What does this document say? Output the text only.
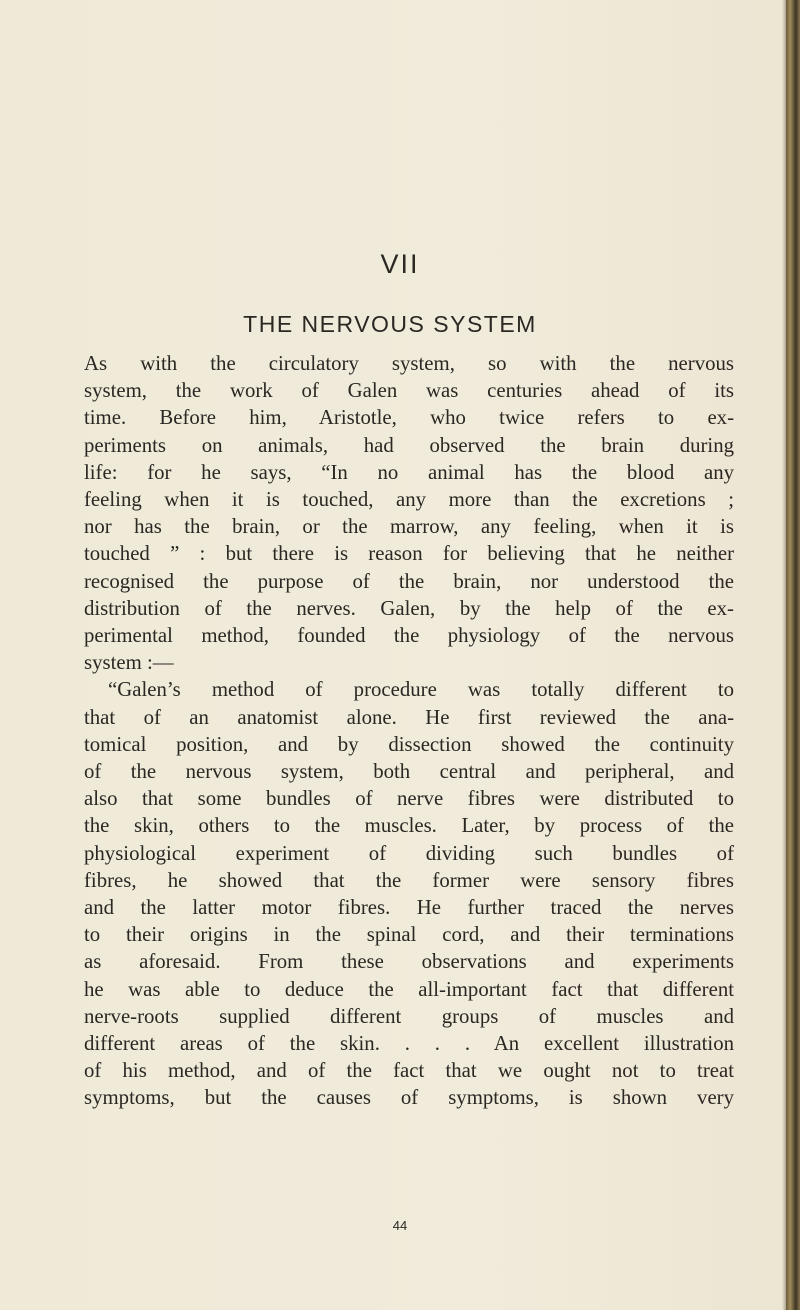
VII
THE NERVOUS SYSTEM

As with the circulatory system, so with the nervous
system, the work of Galen was centuries ahead of its
time. Before him, Aristotle, who twice refers to ex-
periments on animals, had observed the brain during
life: for he says, “In no animal has the blood any
feeling when it is touched, any more than the excretions ;
nor has the brain, or the marrow, any feeling, when it is
touched ” : but there is reason for believing that he neither
recognised the purpose of the brain, nor understood the
distribution of the nerves. Galen, by the help of the ex-
perimental method, founded the physiology of the nervous
system :—

“Galen’s method of procedure was totally different to
that of an anatomist alone. He first reviewed the ana-
tomical position, and by dissection showed the continuity
of the nervous system, both central and peripheral, and
also that some bundles of nerve fibres were distributed to
the skin, others to the muscles. Later, by process of the
physiological experiment of dividing such bundles of
fibres, he showed that the former were sensory fibres
and the latter motor fibres. He further traced the nerves
to their origins in the spinal cord, and their terminations
as aforesaid. From these observations and experiments
he was able to deduce the all-important fact that different
nerve-roots supplied different groups of muscles and
different areas of the skin. . . . An excellent illustration
of his method, and of the fact that we ought not to treat
symptoms, but the causes of symptoms, is shown very

44
